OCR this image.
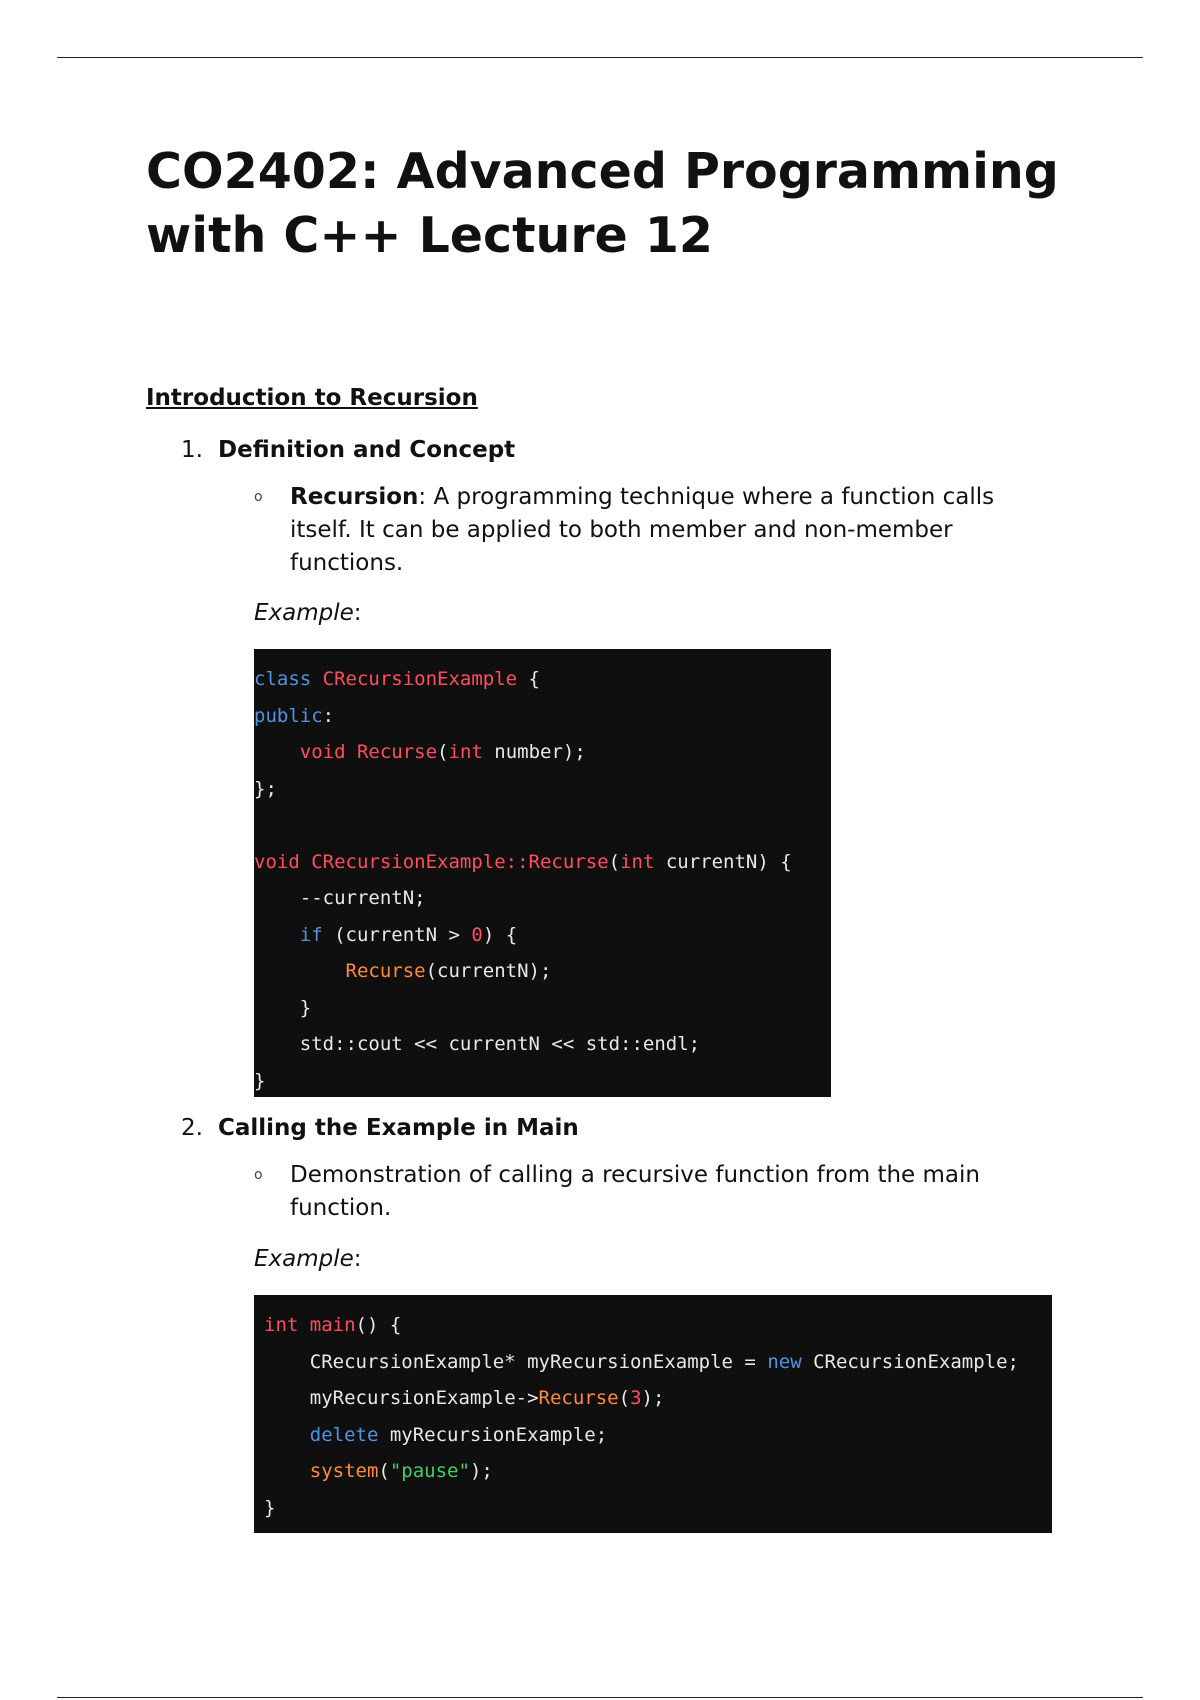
CO2402: Advanced Programming with C++ Lecture 12
Introduction to Recursion
1. Definition and Concept
o Recursion: A programming technique where a function calls itself. It can be applied to both member and non-member functions.
Example:
class CRecursionExample {
public:
void Recurse(int number);
};
void CRecursionExample::Recurse(int currentN) {
--currentN;
if (currentN > 0) {
Recurse(currentN);
}
std::cout << currentN << std::endl;
}
2. Calling the Example in Main
o Demonstration of calling a recursive function from the main function.
Example:
int main() {
CRecursionExample* myRecursionExample = new CRecursionExample;
myRecursionExample->Recurse(3);
delete myRecursionExample;
system("pause");
}
